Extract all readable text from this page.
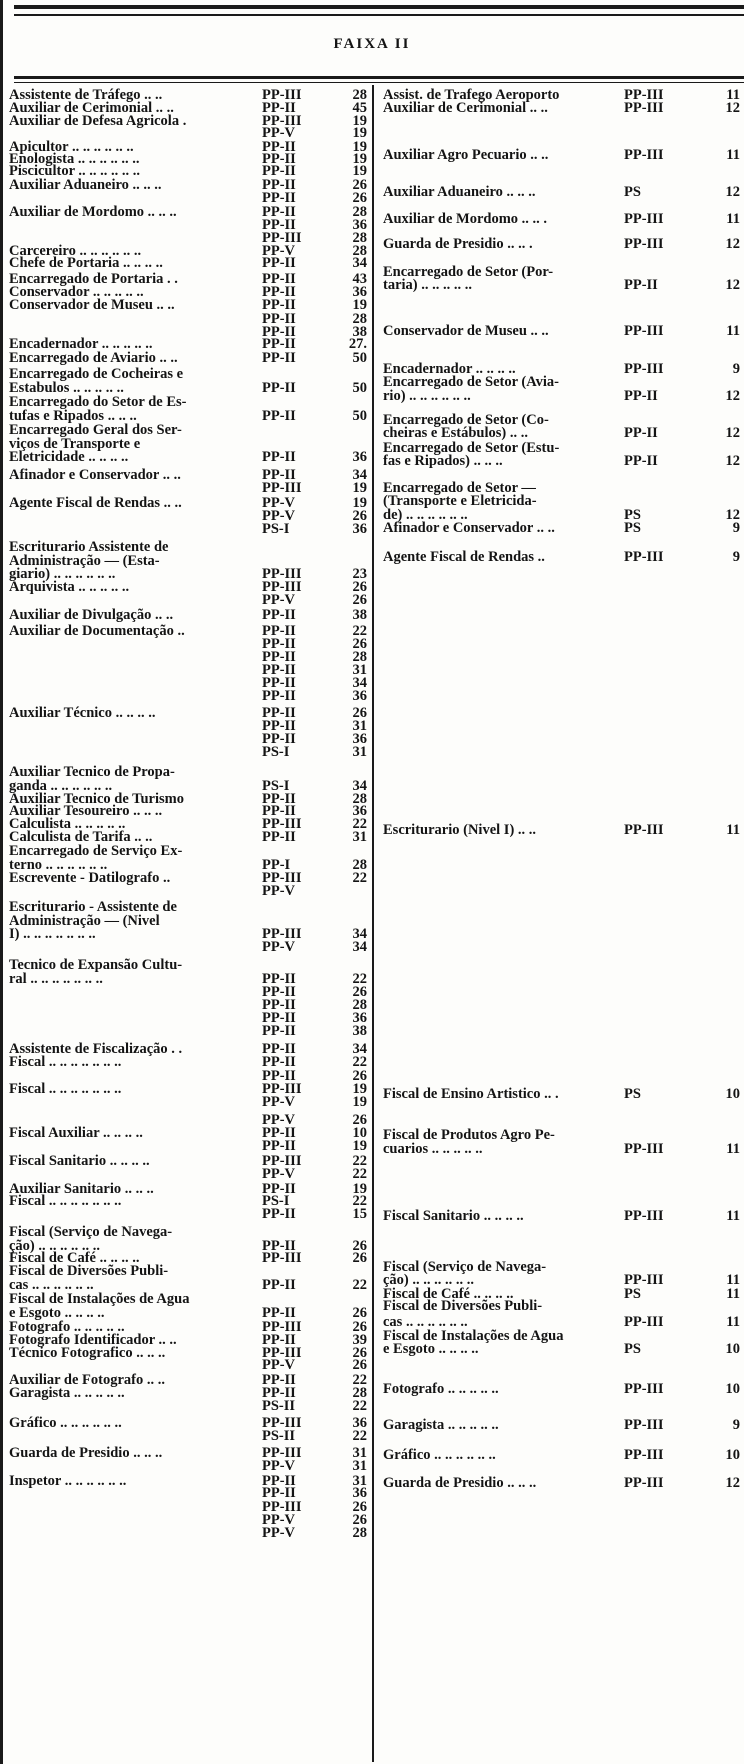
FAIXA II
Assistente de Tráfego .. ..	PP-III	28
Auxiliar de Cerimonial .. ..	PP-II	45
Auxiliar de Defesa Agricola .	PP-III	19
PP-V	19
Apicultor .. .. .. .. .. ..	PP-II	19
Enologista .. .. .. .. .. ..	PP-II	19
Piscicultor .. .. .. .. .. ..	PP-II	19
Auxiliar Aduaneiro .. .. ..	PP-II	26
PP-II	26
Auxiliar de Mordomo .. .. ..	PP-II	28
PP-II	36
PP-III	28
Carcereiro .. .. .. .. .. ..	PP-V	28
Chefe de Portaria .. .. .. ..	PP-II	34
Encarregado de Portaria . .	PP-II	43
Conservador .. .. .. .. ..	PP-II	36
Conservador de Museu .. ..	PP-II	19
PP-II	28
PP-II	38
Encadernador .. .. .. .. ..	PP-II	27.
Encarregado de Aviario .. ..	PP-II	50
Encarregado de Cocheiras e
Estabulos .. .. .. .. ..	PP-II	50
Encarregado do Setor de Es-
tufas e Ripados .. .. ..	PP-II	50
Encarregado Geral dos Ser-
viços de Transporte e
Eletricidade .. .. .. ..	PP-II	36
Afinador e Conservador .. ..	PP-II	34
PP-III	19
Agente Fiscal de Rendas .. ..	PP-V	19
PP-V	26
PS-I	36
Escriturario Assistente de
Administração — (Esta-
giario) .. .. .. .. .. ..	PP-III	23
Arquivista .. .. .. .. ..	PP-III	26
PP-V	26
Auxiliar de Divulgação .. ..	PP-II	38
Auxiliar de Documentação ..	PP-II	22
PP-II	26
PP-II	28
PP-II	31
PP-II	34
PP-II	36
Auxiliar Técnico .. .. .. ..	PP-II	26
PP-II	31
PP-II	36
PS-I	31
Auxiliar Tecnico de Propa-
ganda .. .. .. .. .. ..	PS-I	34
Auxiliar Tecnico de Turismo	PP-II	28
Auxiliar Tesoureiro .. .. ..	PP-II	36
Calculista .. .. .. .. ..	PP-III	22
Calculista de Tarifa .. ..	PP-II	31
Encarregado de Serviço Ex-
terno .. .. .. .. .. ..	PP-I	28
Escrevente - Datilografo ..	PP-III	22
PP-V
Escriturario - Assistente de
Administração — (Nivel
I) .. .. .. .. .. .. ..	PP-III	34
PP-V	34
Tecnico de Expansão Cultu-
ral .. .. .. .. .. .. ..	PP-II	22
PP-II	26
PP-II	28
PP-II	36
PP-II	38
Assistente de Fiscalização . .	PP-II	34
Fiscal .. .. .. .. .. .. ..	PP-II	22
PP-II	26
Fiscal .. .. .. .. .. .. ..	PP-III	19
PP-V	19
PP-V	26
Fiscal Auxiliar .. .. .. ..	PP-II	10
PP-II	19
Fiscal Sanitario .. .. .. ..	PP-III	22
PP-V	22
Auxiliar Sanitario .. .. ..	PP-II	19
Fiscal .. .. .. .. .. .. ..	PS-I	22
PP-II	15
Fiscal (Serviço de Navega-
ção) .. .. .. .. .. ..	PP-II	26
Fiscal de Café .. .. .. ..	PP-III	26
Fiscal de Diversões Publi-
cas .. .. .. .. .. ..	PP-II	22
Fiscal de Instalações de Agua
e Esgoto .. .. .. ..	PP-II	26
Fotografo .. .. .. .. ..	PP-III	26
Fotografo Identificador .. ..	PP-II	39
Técnico Fotografico .. .. ..	PP-III	26
PP-V	26
Auxiliar de Fotografo .. ..	PP-II	22
Garagista .. .. .. .. ..	PP-II	28
PS-II	22
Gráfico .. .. .. .. .. ..	PP-III	36
PS-II	22
Guarda de Presidio .. .. ..	PP-III	31
PP-V	31
Inspetor .. .. .. .. .. ..	PP-II	31
PP-II	36
PP-III	26
PP-V	26
PP-V	28
Assist. de Trafego Aeroporto	PP-III	11
Auxiliar de Cerimonial .. ..	PP-III	12
Auxiliar Agro Pecuario .. ..	PP-III	11
Auxiliar Aduaneiro .. .. ..	PS	12
Auxiliar de Mordomo .. .. .	PP-III	11
Guarda de Presidio .. .. .	PP-III	12
Encarregado de Setor (Por-
taria) .. .. .. .. ..	PP-II	12
Conservador de Museu .. ..	PP-III	11
Encadernador .. .. .. ..	PP-III	9
Encarregado de Setor (Avia-
rio) .. .. .. .. .. ..	PP-II	12
Encarregado de Setor (Co-
cheiras e Estábulos) .. ..	PP-II	12
Encarregado de Setor (Estu-
fas e Ripados) .. .. ..	PP-II	12
Encarregado de Setor —
(Transporte e Eletricida-
de) .. .. .. .. .. ..	PS	12
Afinador e Conservador .. ..	PS	9
Agente Fiscal de Rendas ..	PP-III	9
Escriturario (Nivel I) .. ..	PP-III	11
Fiscal de Ensino Artistico .. .	PS	10
Fiscal de Produtos Agro Pe-
cuarios .. .. .. .. ..	PP-III	11
Fiscal Sanitario .. .. .. ..	PP-III	11
Fiscal (Serviço de Navega-
ção) .. .. .. .. .. ..	PP-III	11
Fiscal de Café .. .. .. ..	PS	11
Fiscal de Diversões Publi-
cas .. .. .. .. .. ..	PP-III	11
Fiscal de Instalações de Agua
e Esgoto .. .. .. ..	PS	10
Fotografo .. .. .. .. ..	PP-III	10
Garagista .. .. .. .. ..	PP-III	9
Gráfico .. .. .. .. .. ..	PP-III	10
Guarda de Presidio .. .. ..	PP-III	12
